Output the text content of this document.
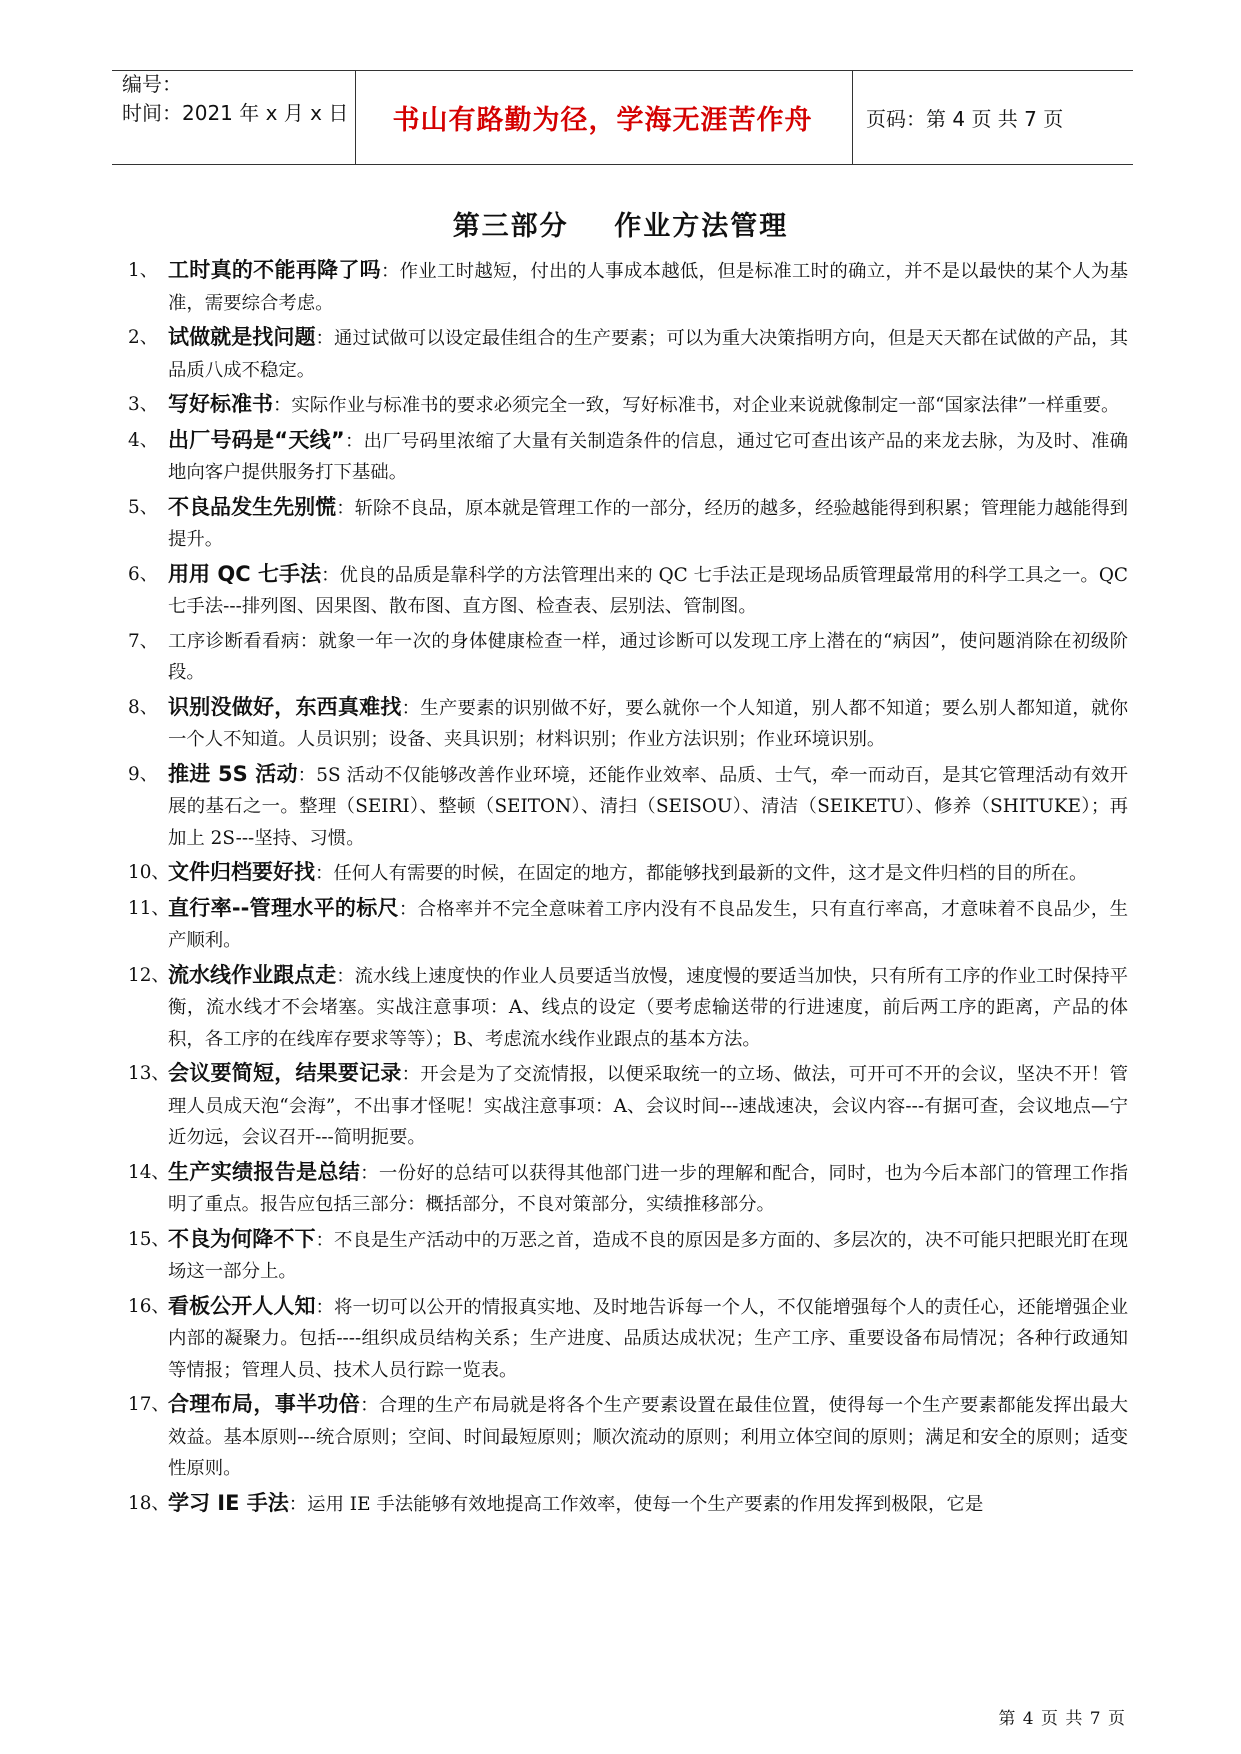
编号：
时间：2021 年 x 月 x 日	书山有路勤为径，学海无涯苦作舟	页码：第 4 页 共 7 页
第三部分    作业方法管理
1、 工时真的不能再降了吗：作业工时越短，付出的人事成本越低，但是标准工时的确立，并不是以最快的某个人为基准，需要综合考虑。
2、 试做就是找问题：通过试做可以设定最佳组合的生产要素；可以为重大决策指明方向，但是天天都在试做的产品，其品质八成不稳定。
3、 写好标准书：实际作业与标准书的要求必须完全一致，写好标准书，对企业来说就像制定一部“国家法律”一样重要。
4、 出厂号码是“天线”：出厂号码里浓缩了大量有关制造条件的信息，通过它可查出该产品的来龙去脉，为及时、准确地向客户提供服务打下基础。
5、 不良品发生先别慌：斩除不良品，原本就是管理工作的一部分，经历的越多，经验越能得到积累；管理能力越能得到提升。
6、 用用 QC 七手法：优良的品质是靠科学的方法管理出来的 QC 七手法正是现场品质管理最常用的科学工具之一。QC 七手法---排列图、因果图、散布图、直方图、检查表、层别法、管制图。
7、 工序诊断看看病：就象一年一次的身体健康检查一样，通过诊断可以发现工序上潜在的“病因”，使问题消除在初级阶段。
8、 识别没做好，东西真难找：生产要素的识别做不好，要么就你一个人知道，别人都不知道；要么别人都知道，就你一个人不知道。人员识别；设备、夹具识别；材料识别；作业方法识别；作业环境识别。
9、 推进 5S 活动：5S 活动不仅能够改善作业环境，还能作业效率、品质、士气，牵一而动百，是其它管理活动有效开展的基石之一。整理（SEIRI）、整顿（SEITON）、清扫（SEISOU）、清洁（SEIKETU）、修养（SHITUKE）；再加上 2S---坚持、习惯。
10、
文件归档要好找：任何人有需要的时候，在固定的地方，都能够找到最新的文件，这才是文件归档的目的所在。
11、
直行率--管理水平的标尺：合格率并不完全意味着工序内没有不良品发生，只有直行率高，才意味着不良品少，生产顺利。
12、
流水线作业跟点走：流水线上速度快的作业人员要适当放慢，速度慢的要适当加快，只有所有工序的作业工时保持平衡，流水线才不会堵塞。实战注意事项：A、线点的设定（要考虑输送带的行进速度，前后两工序的距离，产品的体积，各工序的在线库存要求等等）；B、考虑流水线作业跟点的基本方法。
13、
会议要简短，结果要记录：开会是为了交流情报，以便采取统一的立场、做法，可开可不开的会议，坚决不开！管理人员成天泡“会海”，不出事才怪呢！实战注意事项：A、会议时间---速战速决，会议内容---有据可查，会议地点—宁近勿远，会议召开---简明扼要。
14、
生产实绩报告是总结：一份好的总结可以获得其他部门进一步的理解和配合，同时，也为今后本部门的管理工作指明了重点。报告应包括三部分：概括部分，不良对策部分，实绩推移部分。
15、
不良为何降不下：不良是生产活动中的万恶之首，造成不良的原因是多方面的、多层次的，决不可能只把眼光盯在现场这一部分上。
16、
看板公开人人知：将一切可以公开的情报真实地、及时地告诉每一个人，不仅能增强每个人的责任心，还能增强企业内部的凝聚力。包括----组织成员结构关系；生产进度、品质达成状况；生产工序、重要设备布局情况；各种行政通知等情报；管理人员、技术人员行踪一览表。
17、
合理布局，事半功倍：合理的生产布局就是将各个生产要素设置在最佳位置，使得每一个生产要素都能发挥出最大效益。基本原则---统合原则；空间、时间最短原则；顺次流动的原则；利用立体空间的原则；满足和安全的原则；适变性原则。
18、
学习 IE 手法：运用 IE 手法能够有效地提高工作效率，使每一个生产要素的作用发挥到极限，它是
第 4 页 共 7 页
